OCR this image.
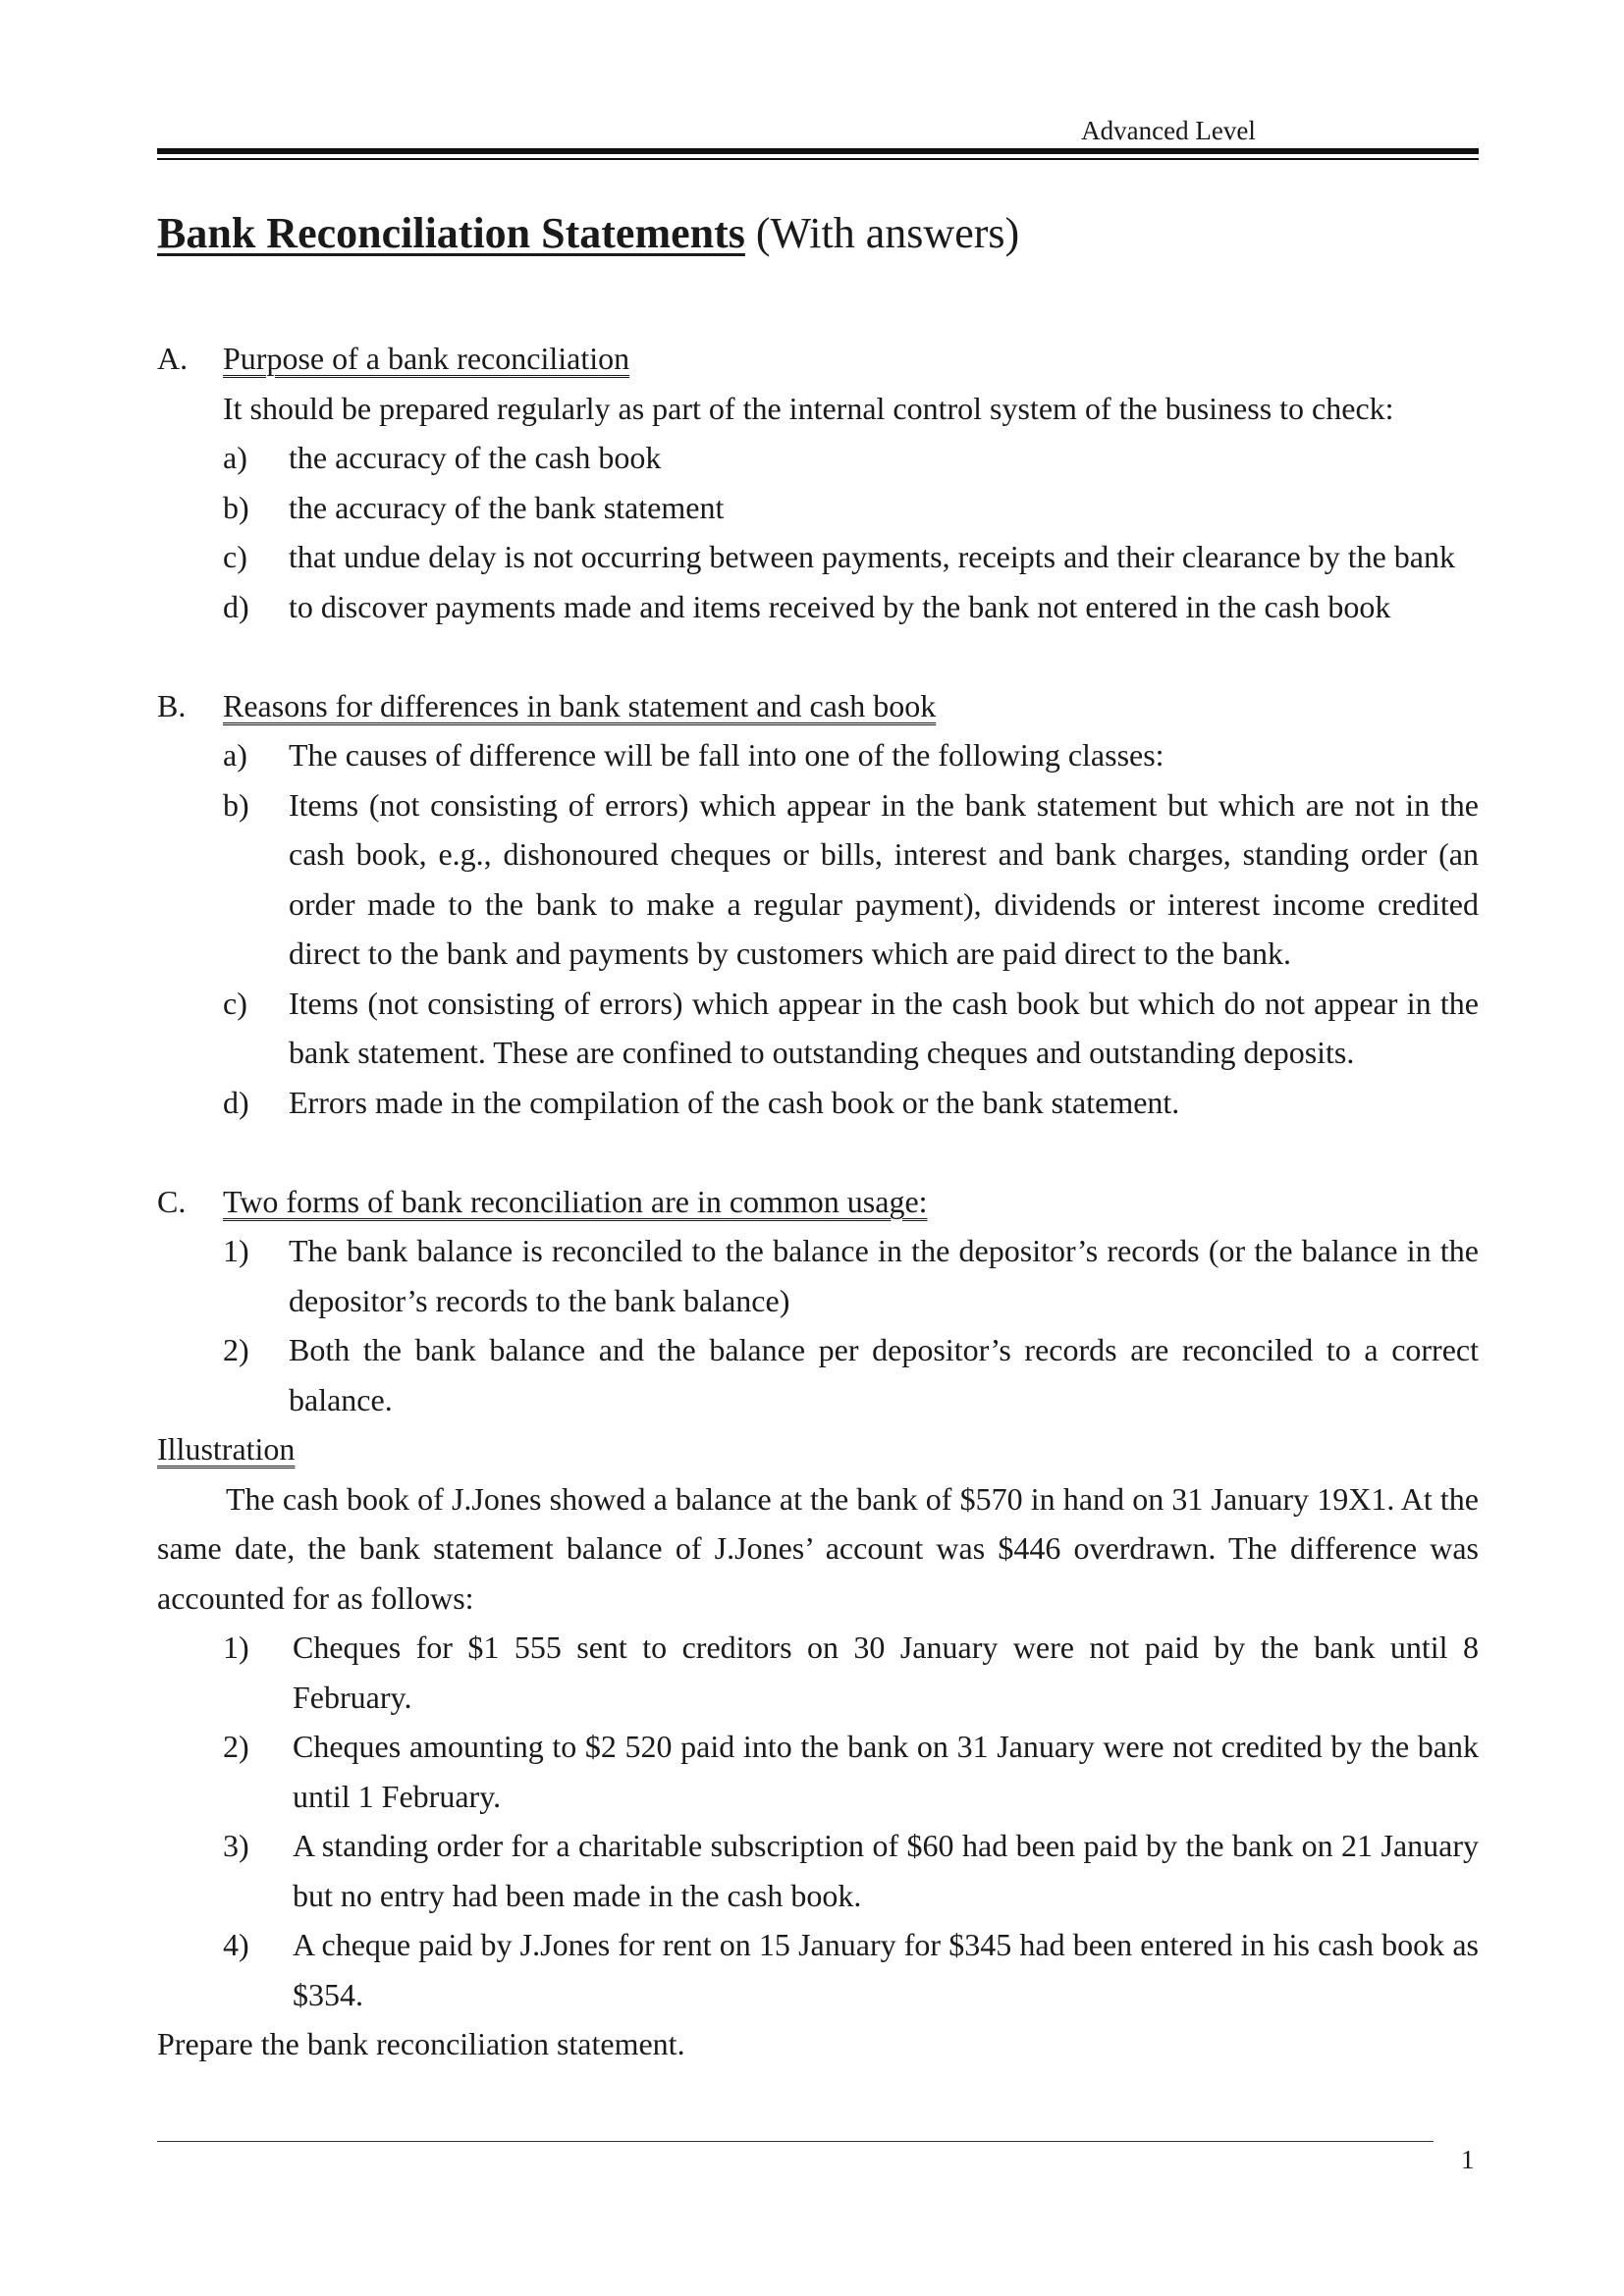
Advanced Level
Bank Reconciliation Statements (With answers)
A.	Purpose of a bank reconciliation
It should be prepared regularly as part of the internal control system of the business to check:
a)	the accuracy of the cash book
b)	the accuracy of the bank statement
c)	that undue delay is not occurring between payments, receipts and their clearance by the bank
d)	to discover payments made and items received by the bank not entered in the cash book
B.	Reasons for differences in bank statement and cash book
a)	The causes of difference will be fall into one of the following classes:
b)	Items (not consisting of errors) which appear in the bank statement but which are not in the cash book, e.g., dishonoured cheques or bills, interest and bank charges, standing order (an order made to the bank to make a regular payment), dividends or interest income credited direct to the bank and payments by customers which are paid direct to the bank.
c)	Items (not consisting of errors) which appear in the cash book but which do not appear in the bank statement. These are confined to outstanding cheques and outstanding deposits.
d)	Errors made in the compilation of the cash book or the bank statement.
C.	Two forms of bank reconciliation are in common usage:
1)	The bank balance is reconciled to the balance in the depositor’s records (or the balance in the depositor’s records to the bank balance)
2)	Both the bank balance and the balance per depositor’s records are reconciled to a correct balance.
Illustration
The cash book of J.Jones showed a balance at the bank of $570 in hand on 31 January 19X1. At the same date, the bank statement balance of J.Jones’ account was $446 overdrawn. The difference was accounted for as follows:
1)	Cheques for $1 555 sent to creditors on 30 January were not paid by the bank until 8 February.
2)	Cheques amounting to $2 520 paid into the bank on 31 January were not credited by the bank until 1 February.
3)	A standing order for a charitable subscription of $60 had been paid by the bank on 21 January but no entry had been made in the cash book.
4)	A cheque paid by J.Jones for rent on 15 January for $345 had been entered in his cash book as $354.
Prepare the bank reconciliation statement.
1
